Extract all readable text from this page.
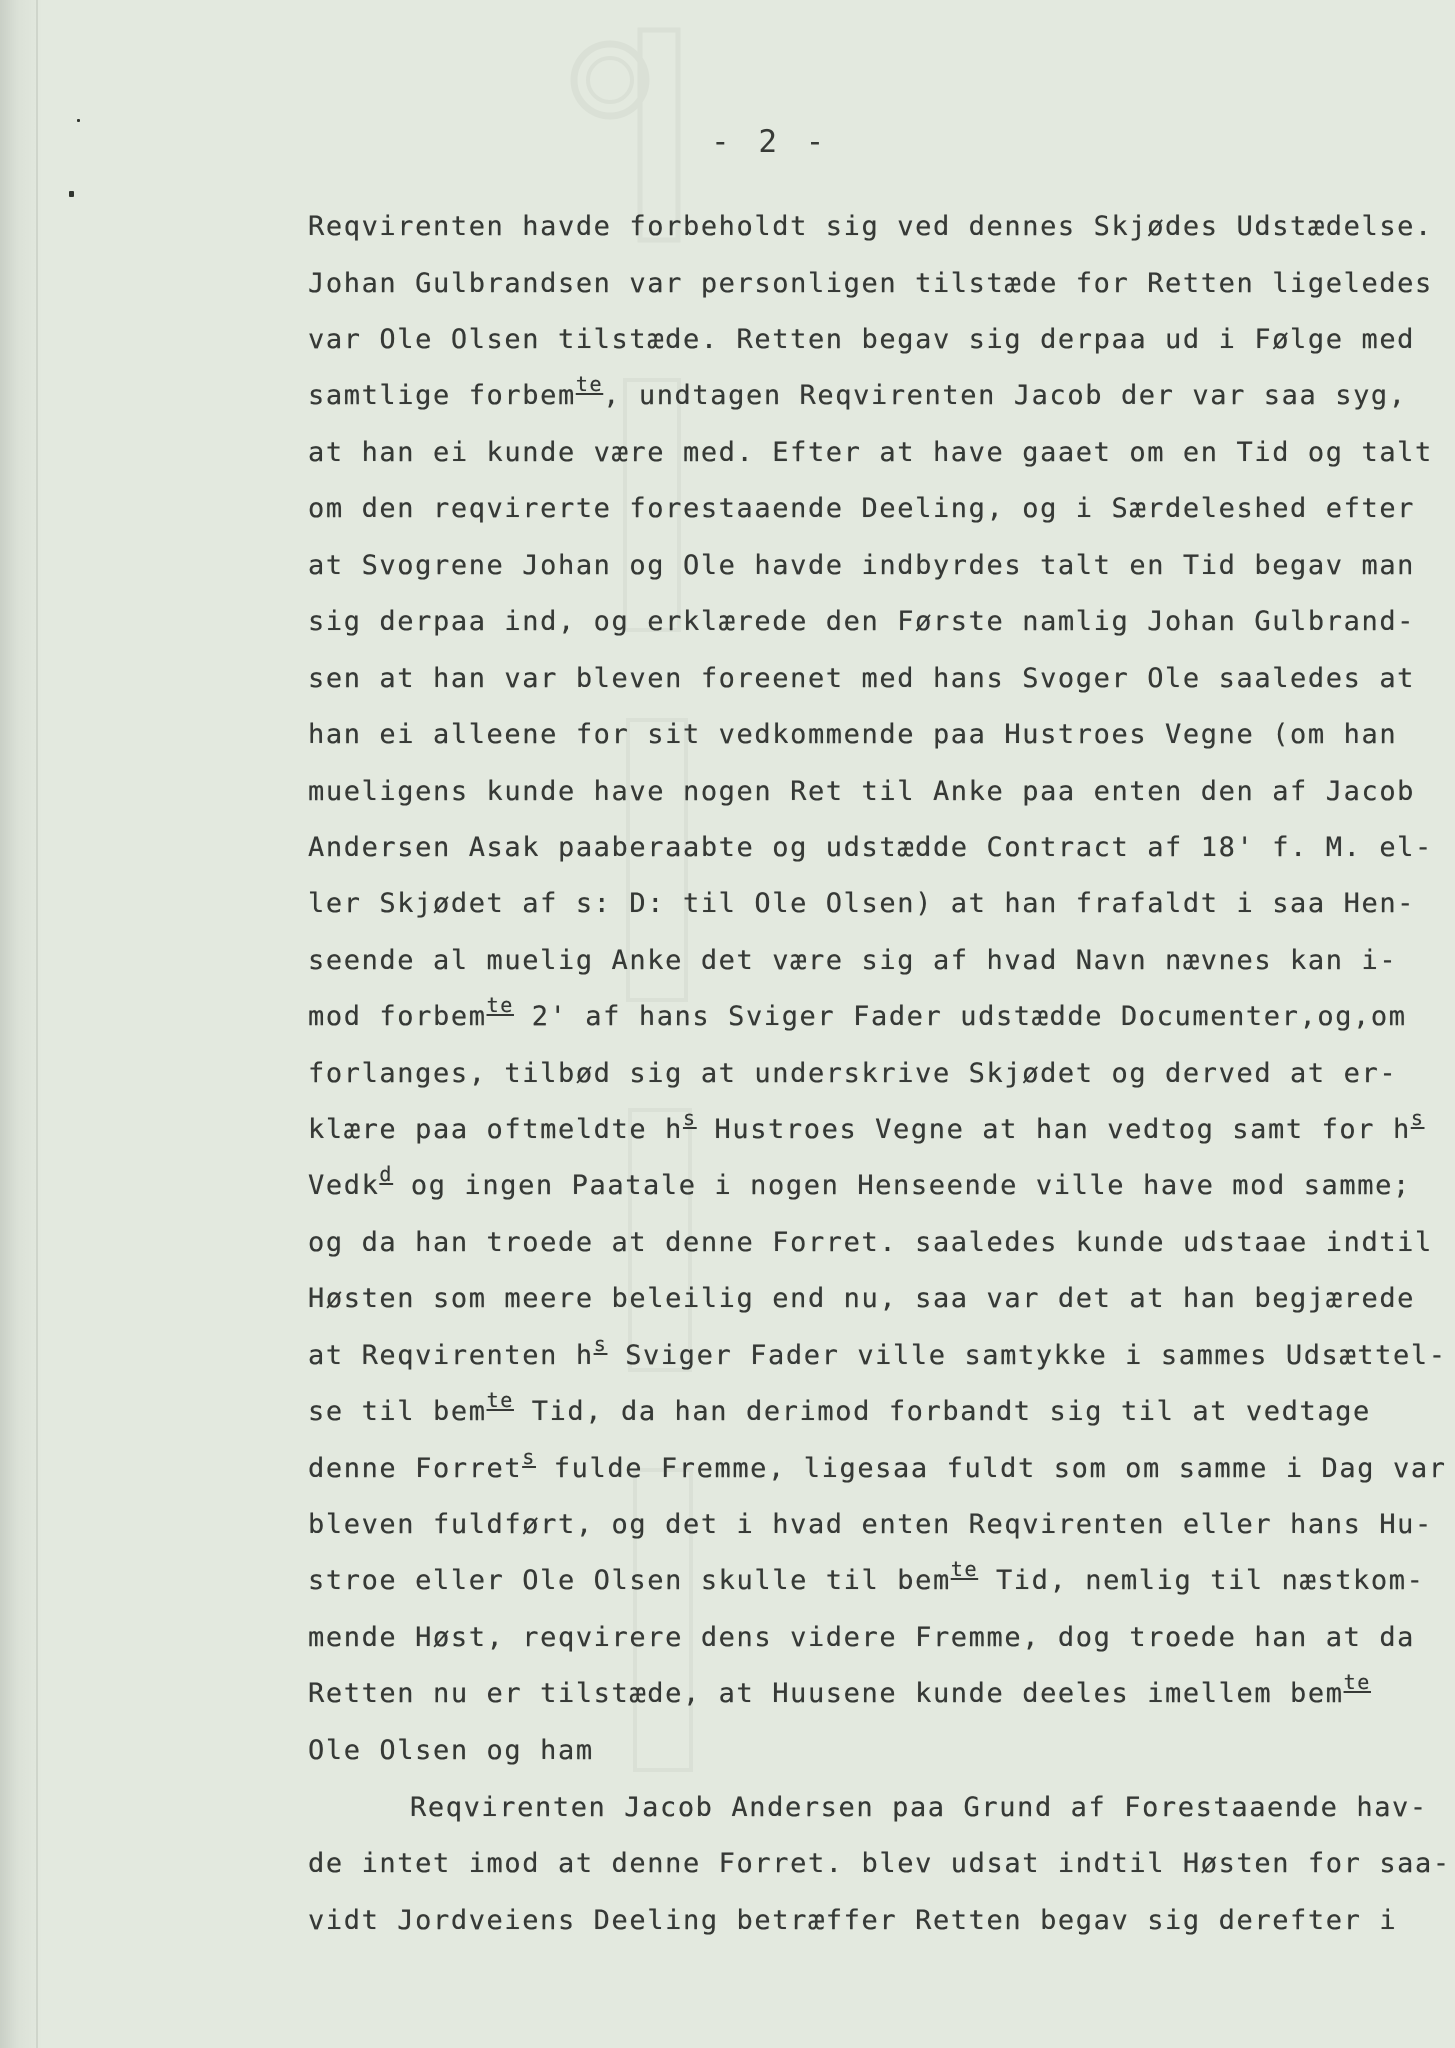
- 2 -
Reqvirenten havde forbeholdt sig ved dennes Skjødes Udstædelse.
Johan Gulbrandsen var personligen tilstæde for Retten ligeledes
var Ole Olsen tilstæde. Retten begav sig derpaa ud i Følge med
samtlige forbem$^{te}$, undtagen Reqvirenten Jacob der var saa syg,
at han ei kunde være med. Efter at have gaaet om en Tid og talt
om den reqvirerte forestaaende Deeling, og i Særdeleshed efter
at Svogrene Johan og Ole havde indbyrdes talt en Tid begav man
sig derpaa ind, og erklærede den Første namlig Johan Gulbrand-
sen at han var bleven foreenet med hans Svoger Ole saaledes at
han ei alleene for sit vedkommende paa Hustroes Vegne (om han
mueligens kunde have nogen Ret til Anke paa enten den af Jacob
Andersen Asak paaberaabte og udstædde Contract af 18' f. M. el-
ler Skjødet af s: D: til Ole Olsen) at han frafaldt i saa Hen-
seende al muelig Anke det være sig af hvad Navn nævnes kan i-
mod forbem$^{te}$ 2' af hans Sviger Fader udstædde Documenter,og,om
forlanges, tilbød sig at underskrive Skjødet og derved at er-
klære paa oftmeldte $h^s$ Hustroes Vegne at han vedtog samt for $h^s$
Vedk$^d$ og ingen Paatale i nogen Henseende ville have mod samme;
og da han troede at denne Forret. saaledes kunde udstaae indtil
Høsten som meere beleilig end nu, saa var det at han begjærede
at Reqvirenten $h^s$ Sviger Fader ville samtykke i sammes Udsættel-
se til bem$^{te}$ Tid, da han derimod forbandt sig til at vedtage
denne Forret$^s$ fulde Fremme, ligesaa fuldt som om samme i Dag var
bleven fuldført, og det i hvad enten Reqvirenten eller hans Hu-
stroe eller Ole Olsen skulle til bem$^{te}$ Tid, nemlig til næstkom-
mende Høst, reqvirere dens videre Fremme, dog troede han at da
Retten nu er tilstæde, at Huusene kunde deeles imellem bem$^{te}$
Ole Olsen og ham
Reqvirenten Jacob Andersen paa Grund af Forestaaende hav-
de intet imod at denne Forret. blev udsat indtil Høsten for saa-
vidt Jordveiens Deeling betræffer Retten begav sig derefter i
